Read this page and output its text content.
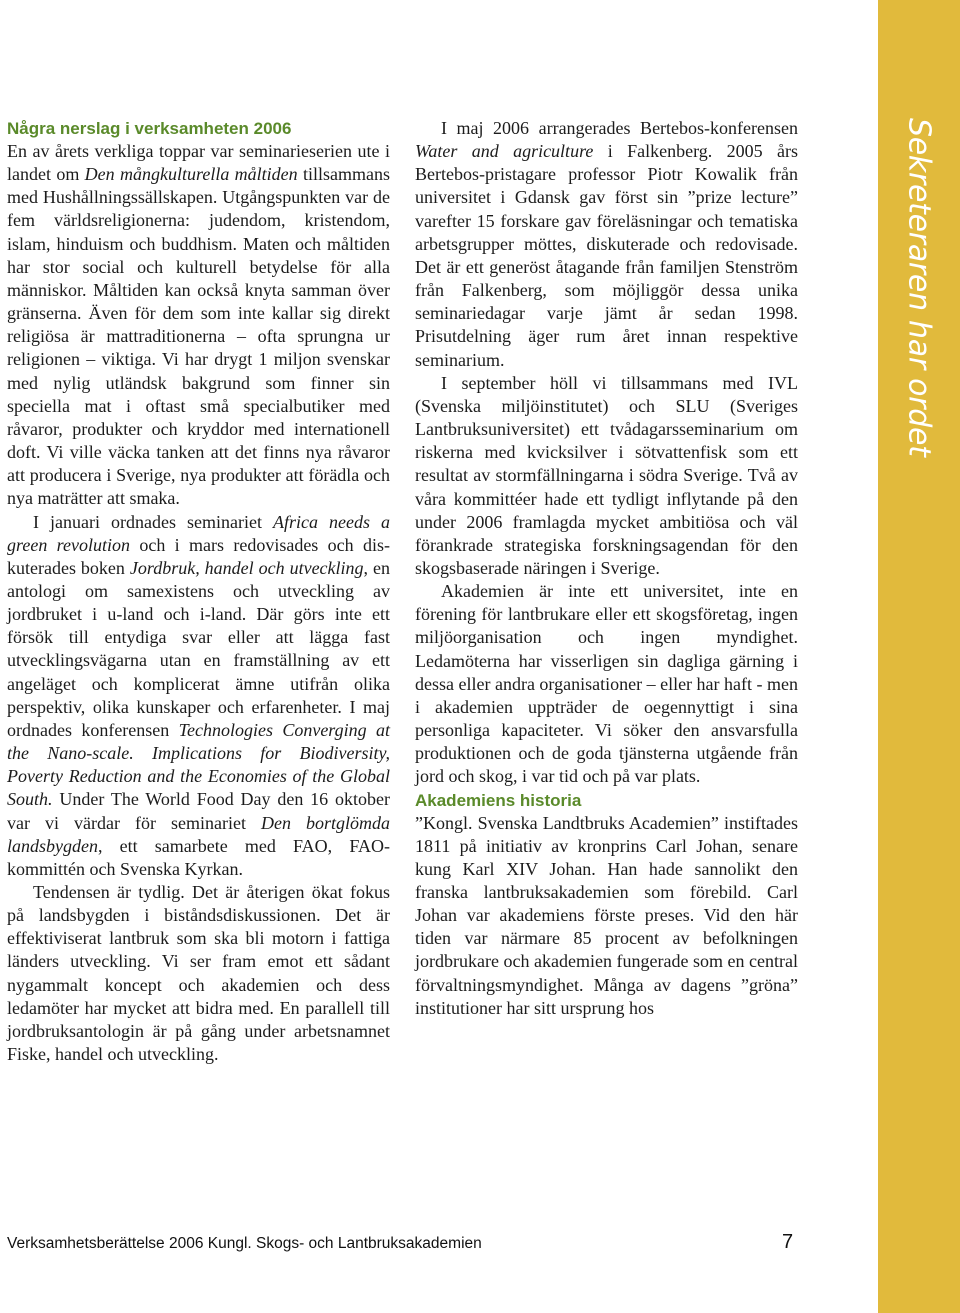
Sekreteraren har ordet

Några nerslag i verksamheten 2006

En av årets verkliga toppar var seminarieserien ute i landet om Den mångkulturella måltiden tillsammans med Hushållningssällskapen. Utgångspunkten var de fem världsreligionerna: judendom, kristendom, islam, hinduism och buddhism. Maten och måltiden har stor social och kulturell betydelse för alla människor. Måltiden kan också knyta samman över gränserna. Även för dem som inte kallar sig direkt religiösa är mattraditionerna – ofta sprungna ur religionen – viktiga. Vi har drygt 1 miljon svenskar med nylig utländsk bakgrund som finner sin speciella mat i oftast små specialbutiker med råvaror, produkter och kryddor med internationell doft. Vi ville väcka tanken att det finns nya råvaror att producera i Sverige, nya produkter att förädla och nya maträtter att smaka.

I januari ordnades seminariet Africa needs a green revolution och i mars redovisades och diskuterades boken Jordbruk, handel och utveckling, en antologi om samexistens och utveckling av jordbruket i u-land och i-land. Där görs inte ett försök till entydiga svar eller att lägga fast utvecklingsvägarna utan en framställning av ett angeläget och komplicerat ämne utifrån olika perspektiv, olika kunskaper och erfarenheter. I maj ordnades konferensen Technologies Converging at the Nano-scale. Implications for Biodiversity, Poverty Reduction and the Economies of the Global South. Under The World Food Day den 16 oktober var vi värdar för seminariet Den bortglömda landsbygden, ett samarbete med FAO, FAO-kommittén och Svenska Kyrkan.

Tendensen är tydlig. Det är återigen ökat fokus på landsbygden i biståndsdiskussionen. Det är effektiviserat lantbruk som ska bli motorn i fattiga länders utveckling. Vi ser fram emot ett sådant nygammalt koncept och akademien och dess ledamöter har mycket att bidra med. En parallell till jordbruksantologin är på gång under arbetsnamnet Fiske, handel och utveckling.

I maj 2006 arrangerades Bertebos-konferensen Water and agriculture i Falkenberg. 2005 års Bertebos-pristagare professor Piotr Kowalik från universitet i Gdansk gav först sin ”prize lecture” varefter 15 forskare gav föreläsningar och tematiska arbetsgrupper möttes, diskuterade och redovisade. Det är ett generöst åtagande från familjen Stenström från Falkenberg, som möjliggör dessa unika seminariedagar varje jämt år sedan 1998. Prisutdelning äger rum året innan respektive seminarium.

I september höll vi tillsammans med IVL (Svenska miljöinstitutet) och SLU (Sveriges Lantbruksuniversitet) ett tvådagarsseminarium om riskerna med kvicksilver i sötvattenfisk som ett resultat av stormfällningarna i södra Sverige. Två av våra kommittéer hade ett tydligt inflytande på den under 2006 framlagda mycket ambitiösa och väl förankrade strategiska forskningsagendan för den skogsbaserade näringen i Sverige.

Akademien är inte ett universitet, inte en förening för lantbrukare eller ett skogsföretag, ingen miljöorganisation och ingen myndighet. Ledamöterna har visserligen sin dagliga gärning i dessa eller andra organisationer – eller har haft - men i akademien uppträder de oegennyttigt i sina personliga kapaciteter. Vi söker den ansvarsfulla produktionen och de goda tjänsterna utgående från jord och skog, i var tid och på var plats.

Akademiens historia

”Kongl. Svenska Landtbruks Academien” instiftades 1811 på initiativ av kronprins Carl Johan, senare kung Karl XIV Johan. Han hade sannolikt den franska lantbruksakademien som förebild. Carl Johan var akademiens förste preses. Vid den här tiden var närmare 85 procent av befolkningen jordbrukare och akademien fungerade som en central förvaltningsmyndighet. Många av dagens ”gröna” institutioner har sitt ursprung hos

Verksamhetsberättelse 2006 Kungl. Skogs- och Lantbruksakademien	7
